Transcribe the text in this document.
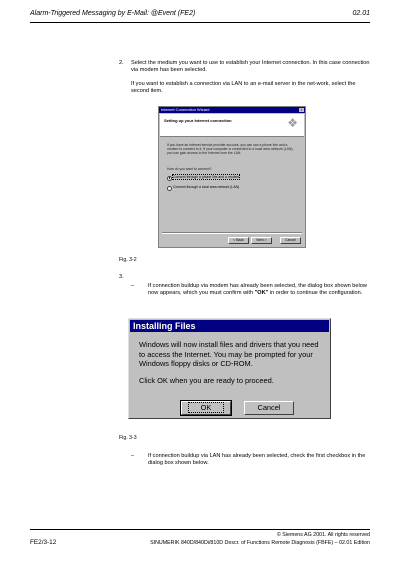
Alarm-Triggered Messaging by E-Mail: @Event (FE2)	02.01
2. Select the medium you want to use to establish your Internet connection. In this case connection via modem has been selected.
If you want to establish a connection via LAN to an e-mail server in the net-work, select the second item.
Internet Connection Wizard	×
Setting up your Internet connection	❖
If you have an Internet service provider account, you can use a phone line and a modem to connect to it. If your computer is connected to a local area network (LAN), you can gain access to the Internet over the LAN.
How do you want to connect?
Connect through a phone line and a modem
Connect through a local area network (LAN)
< Back	Next >	Cancel
Fig. 3-2
3.
– If connection buildup via modem has already been selected, the dialog box shown below now appears, which you must confirm with "OK" in order to continue the configuration.
Installing Files
Windows will now install files and drivers that you need to access the Internet. You may be prompted for your Windows floppy disks or CD-ROM.
Click OK when you are ready to proceed.
OK	Cancel
Fig. 3-3
– If connection buildup via LAN has already been selected, check the first checkbox in the dialog box shown below.
© Siemens AG 2001. All rights reserved
FE2/3-12	SINUMERIK 840D/840Di/810D Descr. of Functions Remote Diagnosis (FBFE) – 02.01 Edition
